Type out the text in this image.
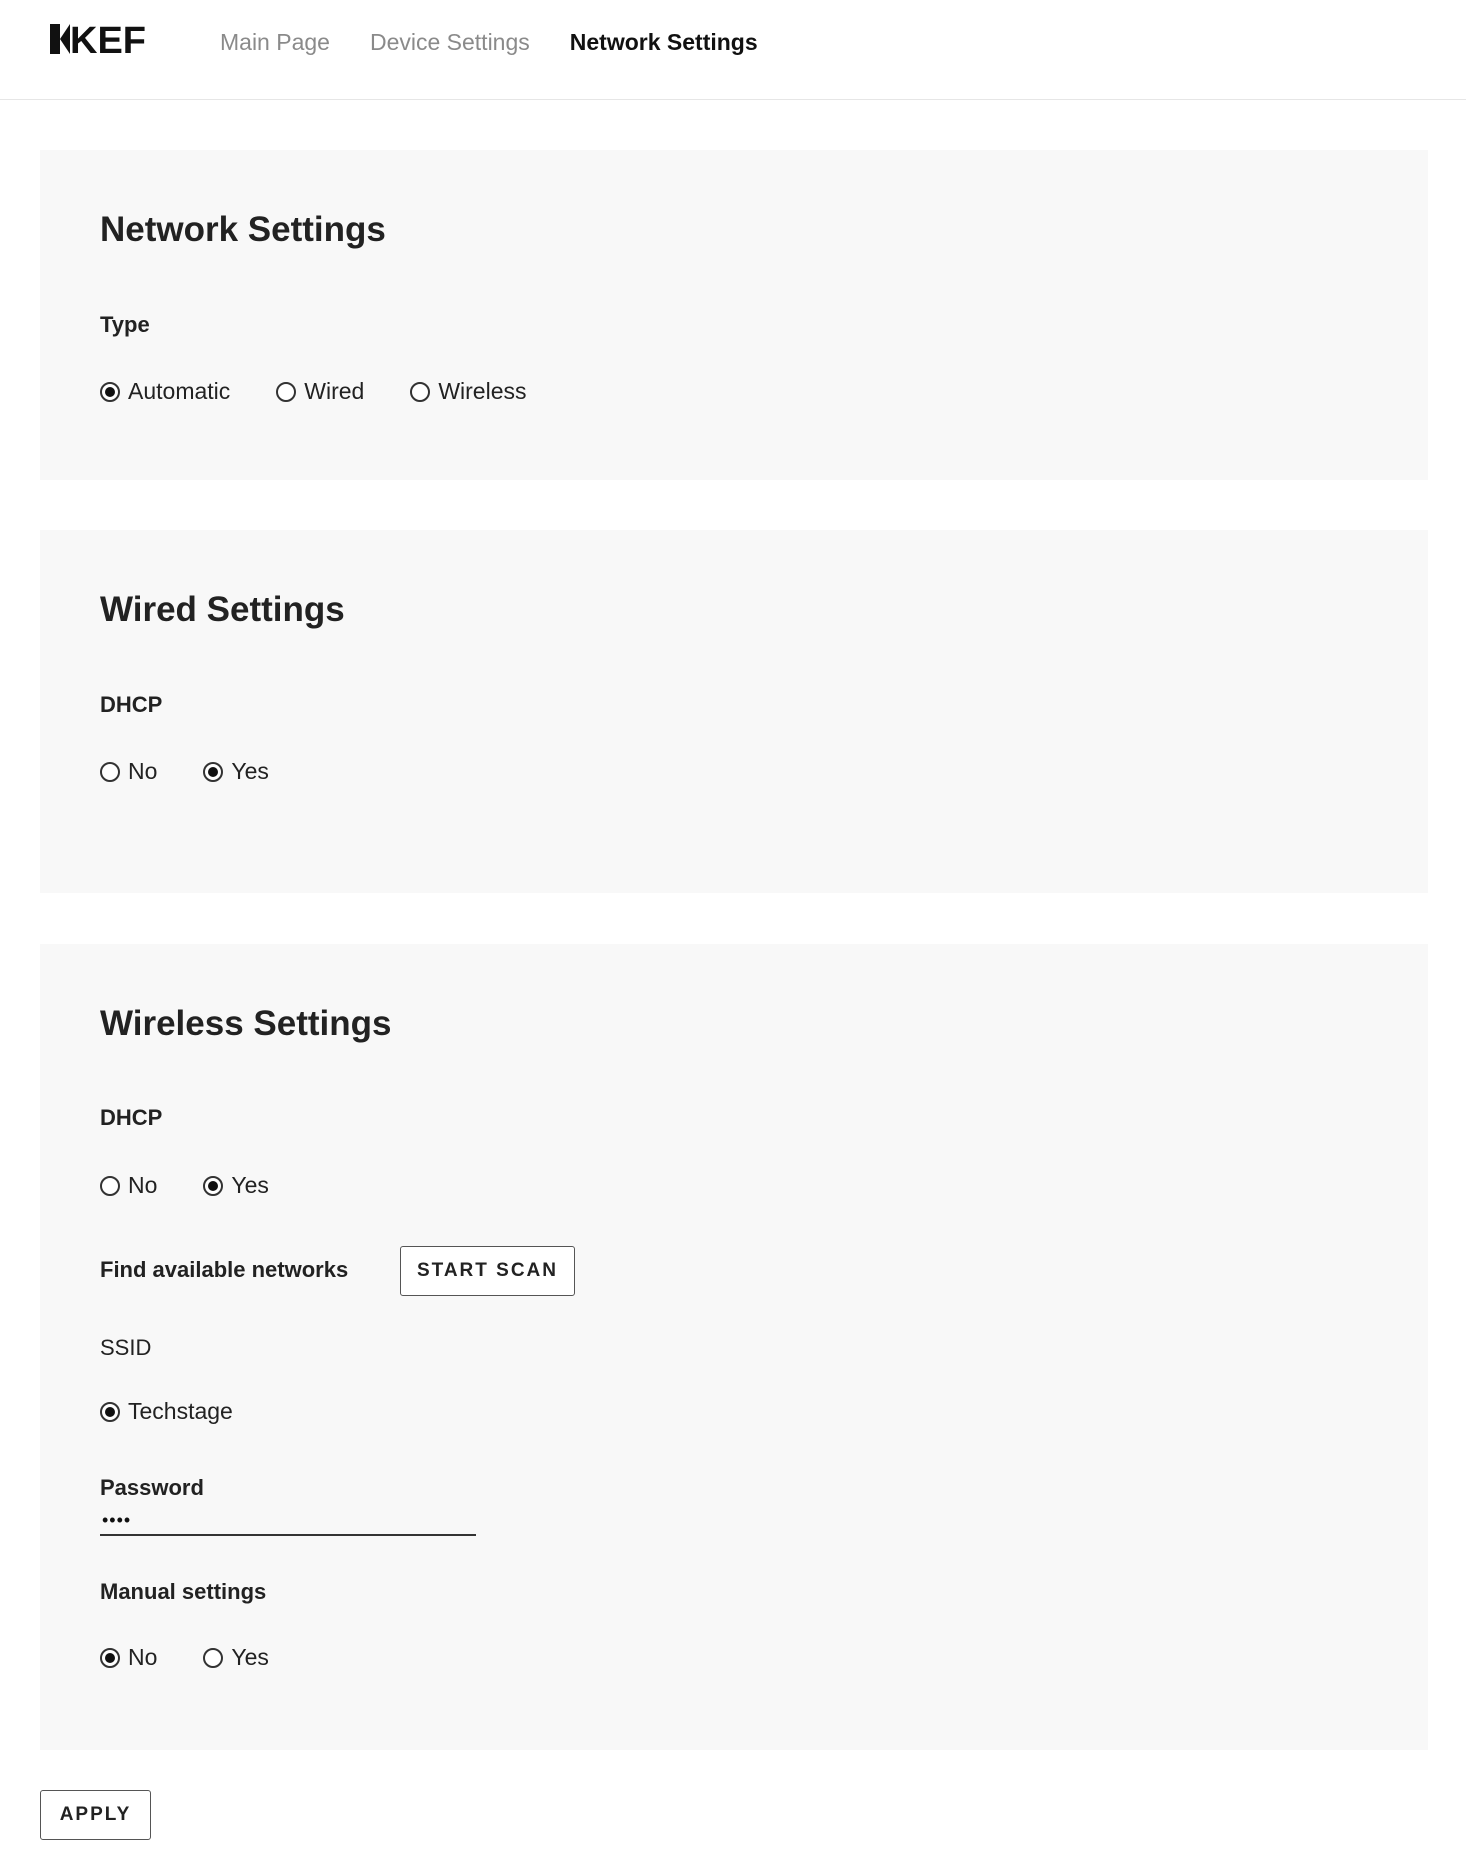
KEF	Main Page Device Settings Network Settings
Network Settings
Type
Automatic	Wired	Wireless
Wired Settings
DHCP
No	Yes
Wireless Settings
DHCP
No	Yes
Find available networks	START SCAN
SSID
Techstage
Password
••••
Manual settings
No	Yes
APPLY
